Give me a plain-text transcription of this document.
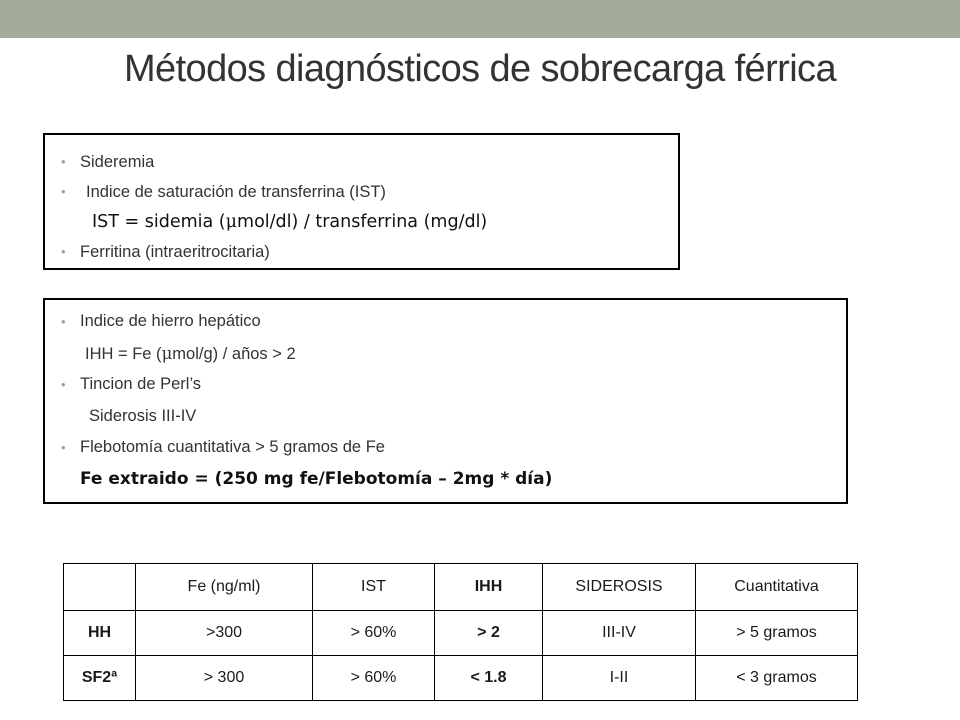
Métodos diagnósticos de sobrecarga férrica
• Sideremia
• Indice de saturación de transferrina (IST)
IST = sidemia (μmol/dl) / transferrina (mg/dl)
• Ferritina (intraeritrocitaria)
• Indice de hierro hepático
IHH = Fe (μmol/g) / años > 2
• Tincion de Perl’s
Siderosis III-IV
• Flebotomía cuantitativa > 5 gramos de Fe
Fe extraido = (250 mg fe/Flebotomía – 2mg * día)
	Fe (ng/ml)	IST	IHH	SIDEROSIS	Cuantitativa
HH	>300	> 60%	> 2	III-IV	> 5 gramos
SF2ª	> 300	> 60%	< 1.8	I-II	< 3 gramos
